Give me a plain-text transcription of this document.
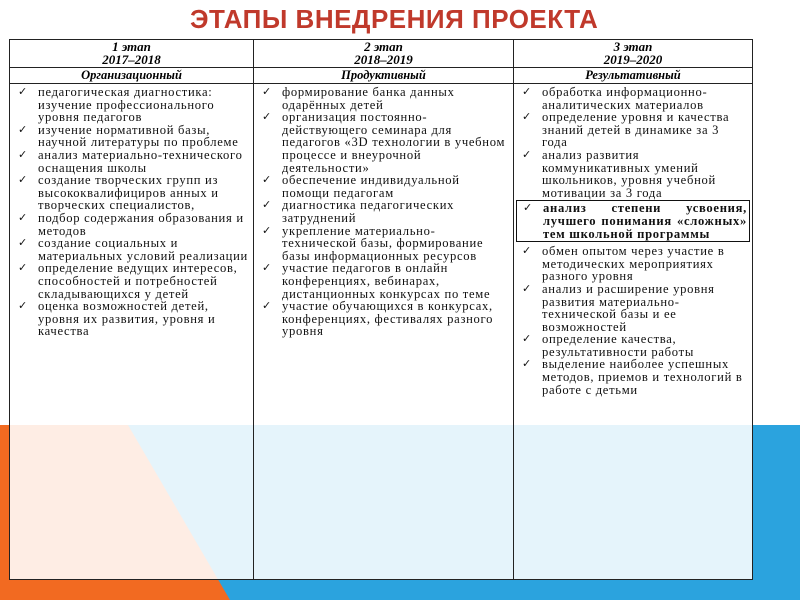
ЭТАПЫ ВНЕДРЕНИЯ ПРОЕКТА
1 этап
2017–2018
Организационный
✓ педагогическая диагностика: изучение профессионального уровня педагогов
✓ изучение нормативной базы, научной литературы по проблеме
✓ анализ материально-технического оснащения школы
✓ создание творческих групп из высококвалифициров анных и творческих специалистов,
✓ подбор содержания образования и методов
✓ создание социальных и материальных условий реализации
✓ определение ведущих интересов, способностей и потребностей складывающихся у детей
✓ оценка возможностей детей, уровня их развития, уровня и качества
2 этап
2018–2019
Продуктивный
✓ формирование банка данных одарённых детей
✓ организация постоянно-действующего семинара для педагогов «3D технологии в учебном процессе и внеурочной деятельности»
✓ обеспечение индивидуальной помощи педагогам
✓ диагностика педагогических затруднений
✓ укрепление материально-технической базы, формирование базы информационных ресурсов
✓ участие педагогов в онлайн конференциях, вебинарах, дистанционных конкурсах по теме
✓ участие обучающихся в конкурсах, конференциях, фестивалях разного уровня
3 этап
2019–2020
Результативный
✓ обработка информационно-аналитических материалов
✓ определение уровня и качества знаний детей в динамике за 3 года
✓ анализ развития коммуникативных умений школьников, уровня учебной мотивации за 3 года
✓ анализ степени усвоения, лучшего понимания «сложных» тем школьной программы
✓ обмен опытом через участие в методических мероприятиях разного уровня
✓ анализ и расширение уровня развития материально-технической базы и ее возможностей
✓ определение качества, результативности работы
✓ выделение наиболее успешных методов, приемов и технологий в работе с детьми
